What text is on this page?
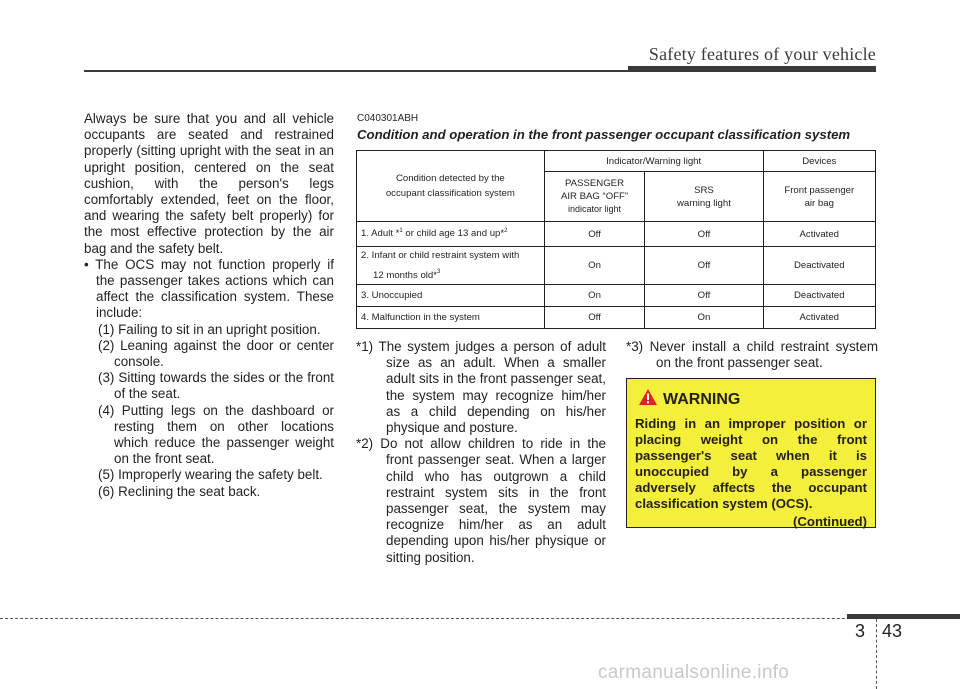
Safety features of your vehicle

Always be sure that you and all vehicle occupants are seated and restrained properly (sitting upright with the seat in an upright position, centered on the seat cushion, with the person's legs comfortably extended, feet on the floor, and wearing the safety belt properly) for the most effective protection by the air bag and the safety belt.

• The OCS may not function properly if the passenger takes actions which can affect the classification system. These include:

(1) Failing to sit in an upright position.
(2) Leaning against the door or center console.
(3) Sitting towards the sides or the front of the seat.
(4) Putting legs on the dashboard or resting them on other locations which reduce the passenger weight on the front seat.
(5) Improperly wearing the safety belt.
(6) Reclining the seat back.
C040301ABH
Condition and operation in the front passenger occupant classification system
Condition detected by the
occupant classification system	Indicator/Warning light		Devices
	PASSENGER
AIR BAG “OFF”
indicator light	SRS
warning light	Front passenger
air bag
1. Adult *$^1$ or child age 13 and up*$^2$	Off	Off	Activated
2. Infant or child restraint system with
12 months old*$^3$	On	Off	Deactivated
3. Unoccupied	On	Off	Deactivated
4. Malfunction in the system	Off	On	Activated

*1) The system judges a person of adult size as an adult. When a smaller adult sits in the front passenger seat, the system may recognize him/her as a child depending on his/her physique and posture.

*2) Do not allow children to ride in the front passenger seat. When a larger child who has outgrown a child restraint system sits in the front passenger seat, the system may recognize him/her as an adult depending upon his/her physique or sitting position.

*3) Never install a child restraint system on the front passenger seat.

WARNING

Riding in an improper position or placing weight on the front passenger's seat when it is unoccupied by a passenger adversely affects the occupant classification system (OCS).

(Continued)
3 43
carmanualsonline.info
